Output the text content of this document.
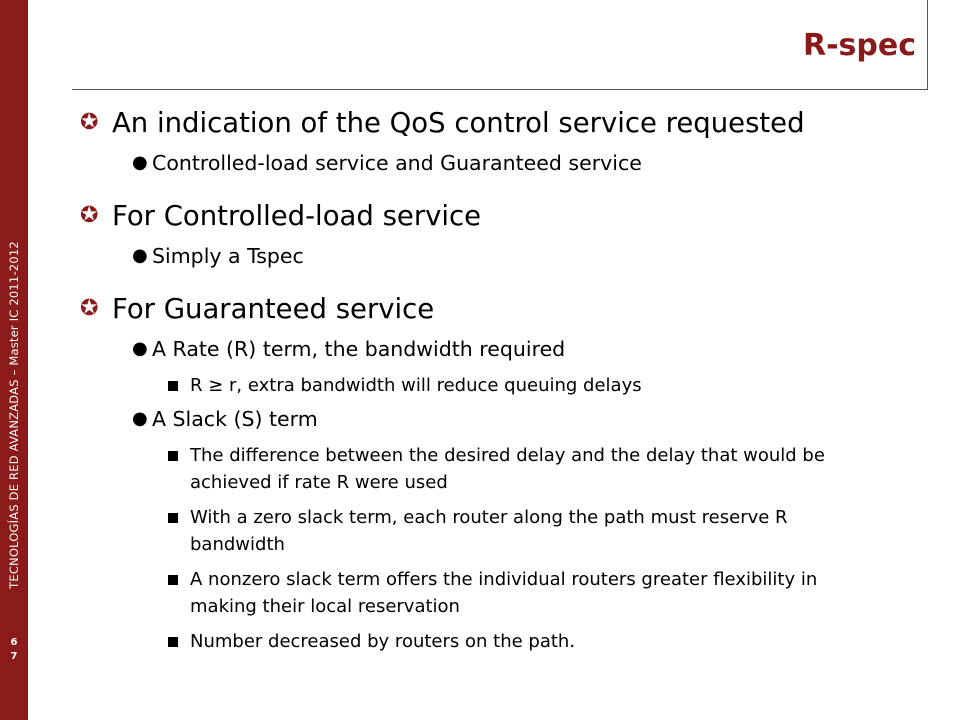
TECNOLOGÍAS DE RED AVANZADAS – Master IC 2011-2012
6
7
R-spec
✪ An indication of the QoS control service requested
● Controlled-load service and Guaranteed service
✪ For Controlled-load service
● Simply a Tspec
✪ For Guaranteed service
● A Rate (R) term, the bandwidth required
R ≥ r, extra bandwidth will reduce queuing delays
● A Slack (S) term
The difference between the desired delay and the delay that would be achieved if rate R were used
With a zero slack term, each router along the path must reserve R bandwidth
A nonzero slack term offers the individual routers greater flexibility in making their local reservation
Number decreased by routers on the path.
